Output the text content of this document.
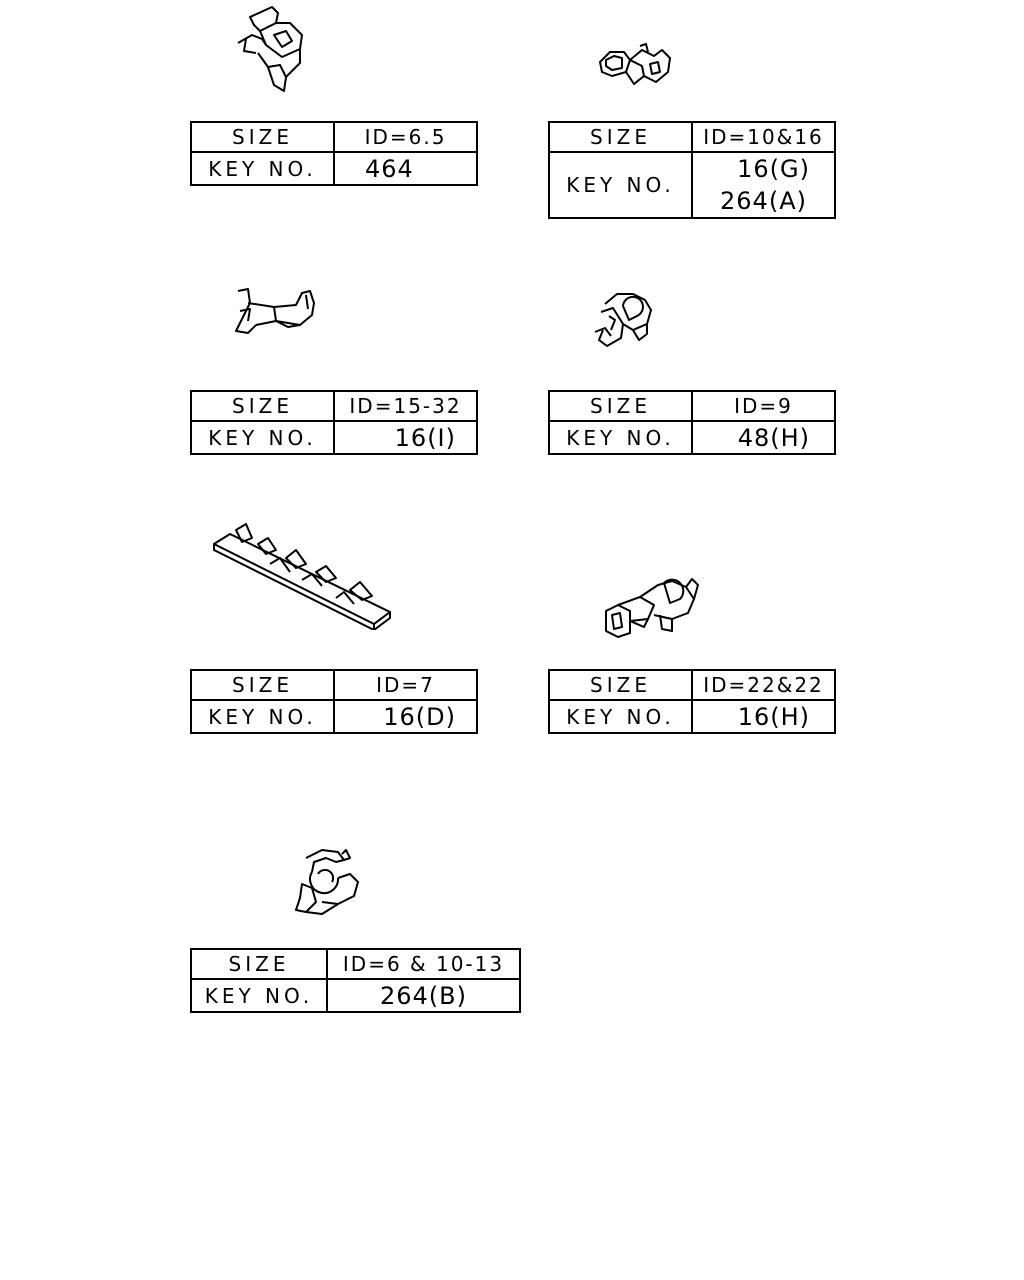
SIZE	ID=6.5
KEY NO.	464
SIZE	ID=10&16
KEY NO.	16(G)
264(A)
SIZE	ID=15-32
KEY NO.	16(I)
SIZE	ID=9
KEY NO.	48(H)
SIZE	ID=7
KEY NO.	16(D)
SIZE	ID=22&22
KEY NO.	16(H)
SIZE	ID=6 & 10-13
KEY NO.	264(B)
